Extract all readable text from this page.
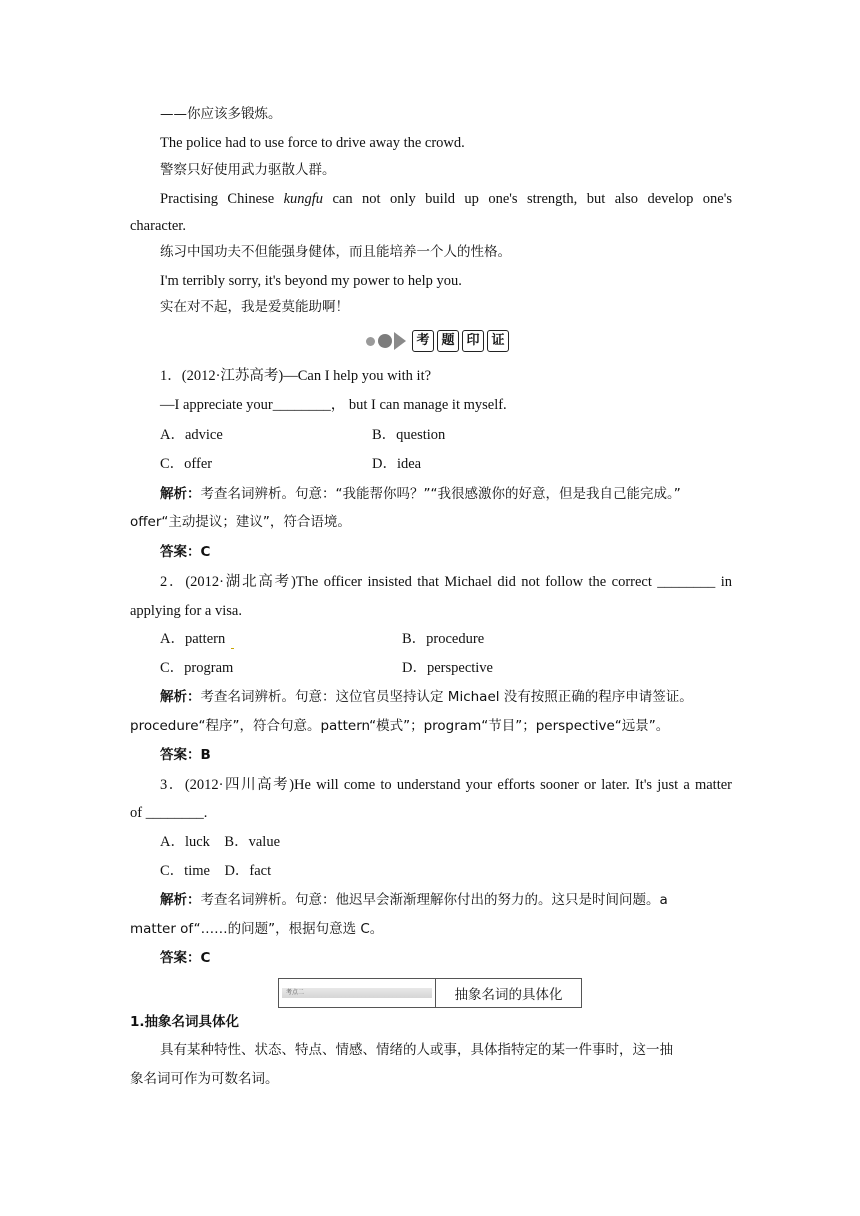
——你应该多锻炼。
The police had to use force to drive away the crowd.
警察只好使用武力驱散人群。
Practising Chinese kungfu can not only build up one's strength, but also develop one's
character.
练习中国功夫不但能强身健体，而且能培养一个人的性格。
I'm terribly sorry, it's beyond my power to help you.
实在对不起，我是爱莫能助啊！
考 题 印 证
1．(2012·江苏高考)—Can I help you with it?
—I appreciate your________， but I can manage it myself.
A．advice	B．question
C．offer	D．idea
解析：考查名词辨析。句意：“我能帮你吗？”“我很感激你的好意，但是我自己能完成。”
offer“主动提议；建议”，符合语境。
答案：C
2．(2012·湖北高考)The officer insisted that Michael did not follow the correct ________ in
applying for a visa.
A．pattern	B．procedure
C．program	D．perspective
解析：考查名词辨析。句意：这位官员坚持认定 Michael 没有按照正确的程序申请签证。
procedure“程序”，符合句意。pattern“模式”；program“节目”；perspective“远景”。
答案：B
3．(2012·四川高考)He will come to understand your efforts sooner or later. It's just a matter
of ________.
A．luck　B．value
C．time　D．fact
解析：考查名词辨析。句意：他迟早会渐渐理解你付出的努力的。这只是时间问题。a
matter of“……的问题”，根据句意选 C。
答案：C
考点二	抽象名词的具体化
1.抽象名词具体化
具有某种特性、状态、特点、情感、情绪的人或事，具体指特定的某一件事时，这一抽
象名词可作为可数名词。
